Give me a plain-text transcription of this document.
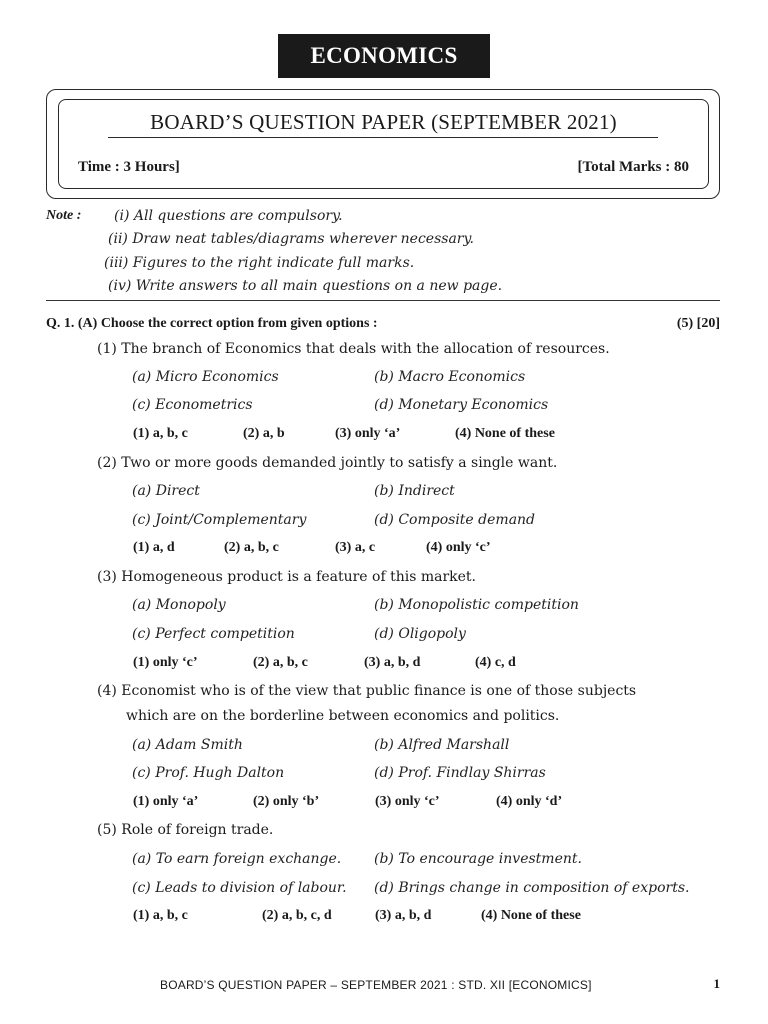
ECONOMICS
BOARD’S QUESTION PAPER (SEPTEMBER 2021)
Time : 3 Hours]	[Total Marks : 80
Note : (i) All questions are compulsory.
(ii) Draw neat tables/diagrams wherever necessary.
(iii) Figures to the right indicate full marks.
(iv) Write answers to all main questions on a new page.
Q. 1. (A) Choose the correct option from given options :	(5) [20]
(1) The branch of Economics that deals with the allocation of resources.
(a) Micro Economics	(b) Macro Economics
(c) Econometrics	(d) Monetary Economics
(1) a, b, c	(2) a, b	(3) only ‘a’	(4) None of these
(2) Two or more goods demanded jointly to satisfy a single want.
(a) Direct	(b) Indirect
(c) Joint/Complementary	(d) Composite demand
(1) a, d	(2) a, b, c	(3) a, c	(4) only ‘c’
(3) Homogeneous product is a feature of this market.
(a) Monopoly	(b) Monopolistic competition
(c) Perfect competition	(d) Oligopoly
(1) only ‘c’	(2) a, b, c	(3) a, b, d	(4) c, d
(4) Economist who is of the view that public finance is one of those subjects
which are on the borderline between economics and politics.
(a) Adam Smith	(b) Alfred Marshall
(c) Prof. Hugh Dalton	(d) Prof. Findlay Shirras
(1) only ‘a’	(2) only ‘b’	(3) only ‘c’	(4) only ‘d’
(5) Role of foreign trade.
(a) To earn foreign exchange. (b) To encourage investment.
(c) Leads to division of labour. (d) Brings change in composition of exports.
(1) a, b, c	(2) a, b, c, d	(3) a, b, d	(4) None of these
BOARD’S QUESTION PAPER – SEPTEMBER 2021 : STD. XII [ECONOMICS]	1
